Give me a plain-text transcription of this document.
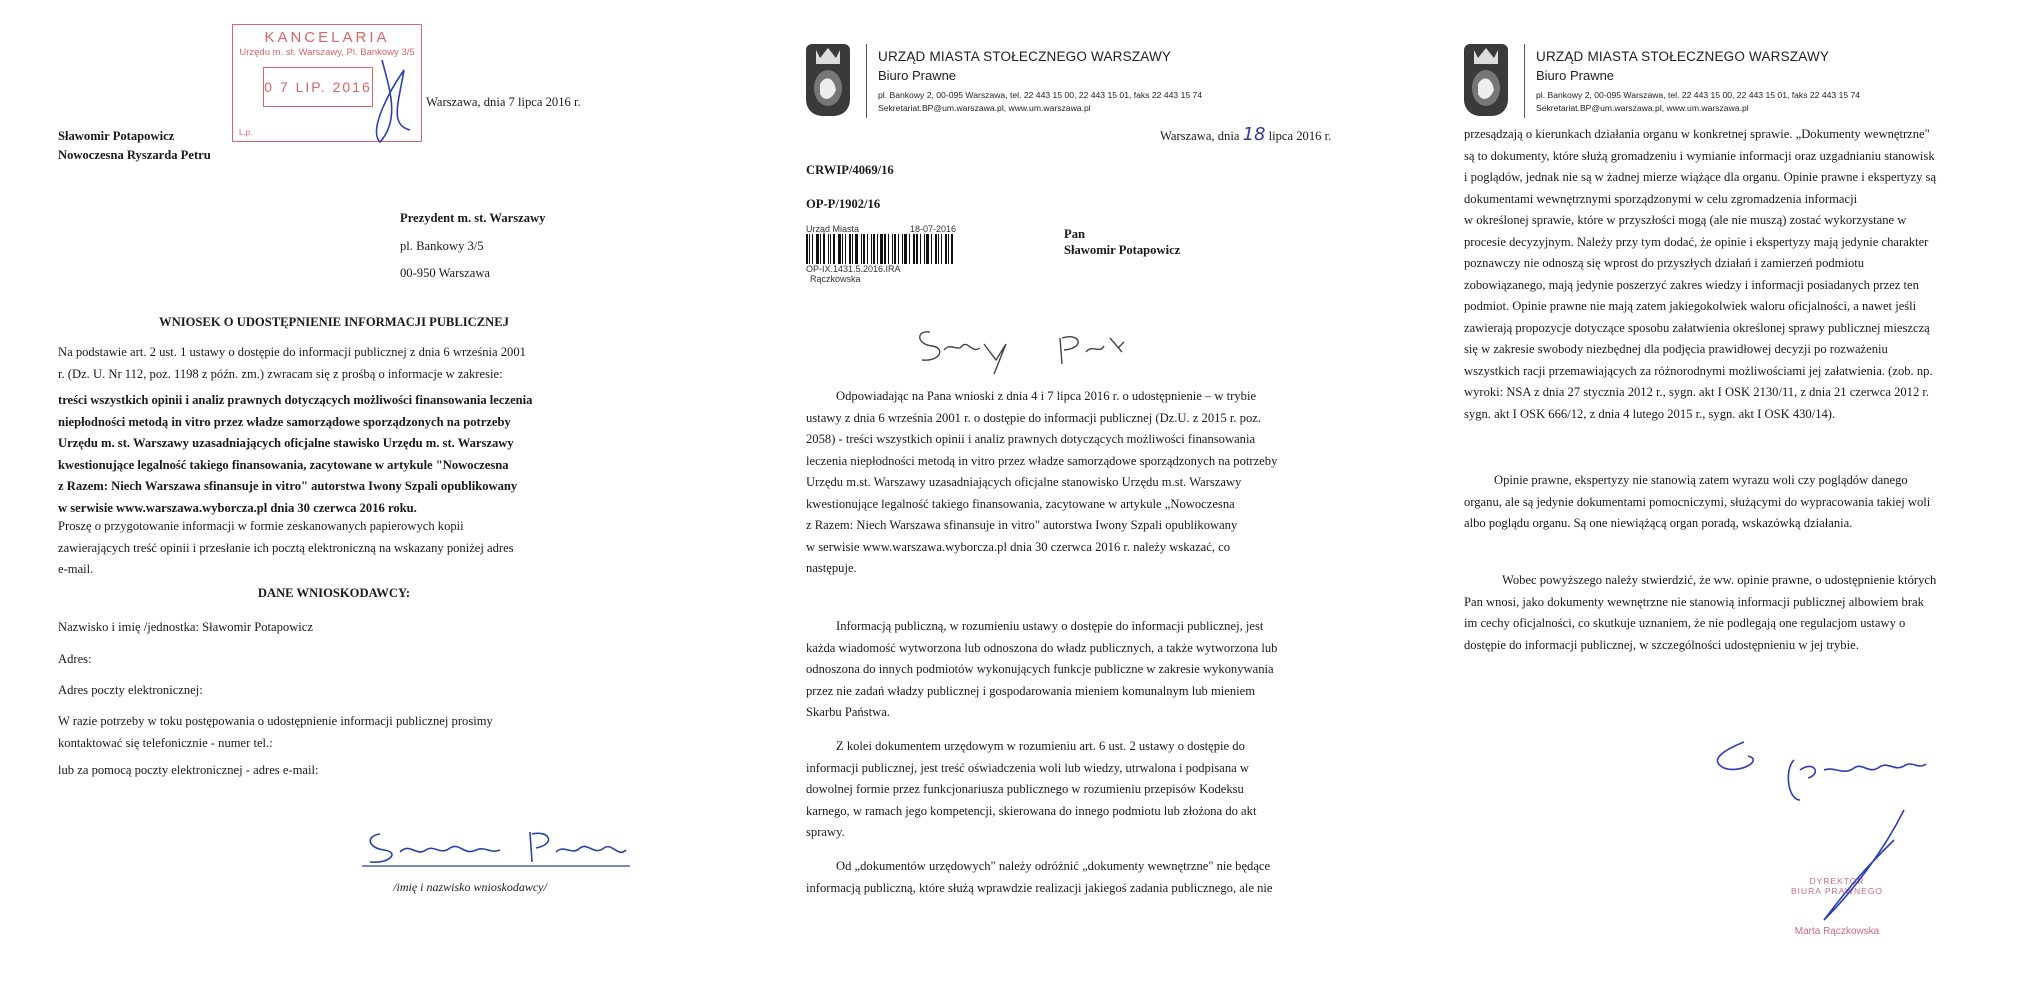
KANCELARIA
Urzędu m. st. Warszawy, Pl. Bankowy 3/5
0 7 LIP. 2016
L.p.
Warszawa, dnia 7 lipca 2016 r.
Sławomir Potapowicz
Nowoczesna Ryszarda Petru
Prezydent m. st. Warszawy
pl. Bankowy 3/5
00-950 Warszawa
WNIOSEK O UDOSTĘPNIENIE INFORMACJI PUBLICZNEJ
Na podstawie art. 2 ust. 1 ustawy o dostępie do informacji publicznej z dnia 6 września 2001
r. (Dz. U. Nr 112, poz. 1198 z późn. zm.) zwracam się z prośbą o informacje w zakresie:
treści wszystkich opinii i analiz prawnych dotyczących możliwości finansowania leczenia
niepłodności metodą in vitro przez władze samorządowe sporządzonych na potrzeby
Urzędu m. st. Warszawy uzasadniających oficjalne stawisko Urzędu m. st. Warszawy
kwestionujące legalność takiego finansowania, zacytowane w artykule "Nowoczesna
z Razem: Niech Warszawa sfinansuje in vitro" autorstwa Iwony Szpali opublikowany
w serwisie www.warszawa.wyborcza.pl dnia 30 czerwca 2016 roku.
Proszę o przygotowanie informacji w formie zeskanowanych papierowych kopii
zawierających treść opinii i przesłanie ich pocztą elektroniczną na wskazany poniżej adres
e-mail.
DANE WNIOSKODAWCY:
Nazwisko i imię /jednostka: Sławomir Potapowicz
Adres:
Adres poczty elektronicznej:
W razie potrzeby w toku postępowania o udostępnienie informacji publicznej prosimy
kontaktować się telefonicznie - numer tel.:
lub za pomocą poczty elektronicznej - adres e-mail:
/imię i nazwisko wnioskodawcy/
URZĄD MIASTA STOŁECZNEGO WARSZAWY
Biuro Prawne
pl. Bankowy 2, 00-095 Warszawa, tel. 22 443 15 00, 22 443 15 01, faks 22 443 15 74
Sekretariat.BP@um.warszawa.pl, www.um.warszawa.pl
Warszawa, dnia 18 lipca 2016 r.
CRWIP/4069/16
OP-P/1902/16
Urząd Miasta	18-07-2016
OP-IX.1431.5.2016.IRA
Rączkowska
Pan
Sławomir Potapowicz
Odpowiadając na Pana wnioski z dnia 4 i 7 lipca 2016 r. o udostępnienie – w trybie
ustawy z dnia 6 września 2001 r. o dostępie do informacji publicznej (Dz.U. z 2015 r. poz.
2058) - treści wszystkich opinii i analiz prawnych dotyczących możliwości finansowania
leczenia niepłodności metodą in vitro przez władze samorządowe sporządzonych na potrzeby
Urzędu m.st. Warszawy uzasadniających oficjalne stanowisko Urzędu m.st. Warszawy
kwestionujące legalność takiego finansowania, zacytowane w artykule „Nowoczesna
z Razem: Niech Warszawa sfinansuje in vitro" autorstwa Iwony Szpali opublikowany
w serwisie www.warszawa.wyborcza.pl dnia 30 czerwca 2016 r. należy wskazać, co
następuje.
Informacją publiczną, w rozumieniu ustawy o dostępie do informacji publicznej, jest
każda wiadomość wytworzona lub odnoszona do władz publicznych, a także wytworzona lub
odnoszona do innych podmiotów wykonujących funkcje publiczne w zakresie wykonywania
przez nie zadań władzy publicznej i gospodarowania mieniem komunalnym lub mieniem
Skarbu Państwa.
Z kolei dokumentem urzędowym w rozumieniu art. 6 ust. 2 ustawy o dostępie do
informacji publicznej, jest treść oświadczenia woli lub wiedzy, utrwalona i podpisana w
dowolnej formie przez funkcjonariusza publicznego w rozumieniu przepisów Kodeksu
karnego, w ramach jego kompetencji, skierowana do innego podmiotu lub złożona do akt
sprawy.
Od „dokumentów urzędowych" należy odróżnić „dokumenty wewnętrzne" nie będące
informacją publiczną, które służą wprawdzie realizacji jakiegoś zadania publicznego, ale nie
URZĄD MIASTA STOŁECZNEGO WARSZAWY
Biuro Prawne
pl. Bankowy 2, 00-095 Warszawa, tel. 22 443 15 00, 22 443 15 01, faks 22 443 15 74
Sekretariat.BP@um.warszawa.pl, www.um.warszawa.pl
przesądzają o kierunkach działania organu w konkretnej sprawie. „Dokumenty wewnętrzne"
są to dokumenty, które służą gromadzeniu i wymianie informacji oraz uzgadnianiu stanowisk
i poglądów, jednak nie są w żadnej mierze wiążące dla organu. Opinie prawne i ekspertyzy są
dokumentami wewnętrznymi sporządzonymi w celu zgromadzenia informacji
w określonej sprawie, które w przyszłości mogą (ale nie muszą) zostać wykorzystane w
procesie decyzyjnym. Należy przy tym dodać, że opinie i ekspertyzy mają jedynie charakter
poznawczy nie odnoszą się wprost do przyszłych działań i zamierzeń podmiotu
zobowiązanego, mają jedynie poszerzyć zakres wiedzy i informacji posiadanych przez ten
podmiot. Opinie prawne nie mają zatem jakiegokolwiek waloru oficjalności, a nawet jeśli
zawierają propozycje dotyczące sposobu załatwienia określonej sprawy publicznej mieszczą
się w zakresie swobody niezbędnej dla podjęcia prawidłowej decyzji po rozważeniu
wszystkich racji przemawiających za różnorodnymi możliwościami jej załatwienia. (zob. np.
wyroki: NSA z dnia 27 stycznia 2012 r., sygn. akt I OSK 2130/11, z dnia 21 czerwca 2012 r.
sygn. akt I OSK 666/12, z dnia 4 lutego 2015 r., sygn. akt I OSK 430/14).
Opinie prawne, ekspertyzy nie stanowią zatem wyrazu woli czy poglądów danego
organu, ale są jedynie dokumentami pomocniczymi, służącymi do wypracowania takiej woli
albo poglądu organu. Są one niewiążącą organ poradą, wskazówką działania.
Wobec powyższego należy stwierdzić, że ww. opinie prawne, o udostępnienie których
Pan wnosi, jako dokumenty wewnętrzne nie stanowią informacji publicznej albowiem brak
im cechy oficjalności, co skutkuje uznaniem, że nie podlegają one regulacjom ustawy o
dostępie do informacji publicznej, w szczególności udostępnieniu w jej trybie.
DYREKTOR
BIURA PRAWNEGO
Marta Rączkowska
